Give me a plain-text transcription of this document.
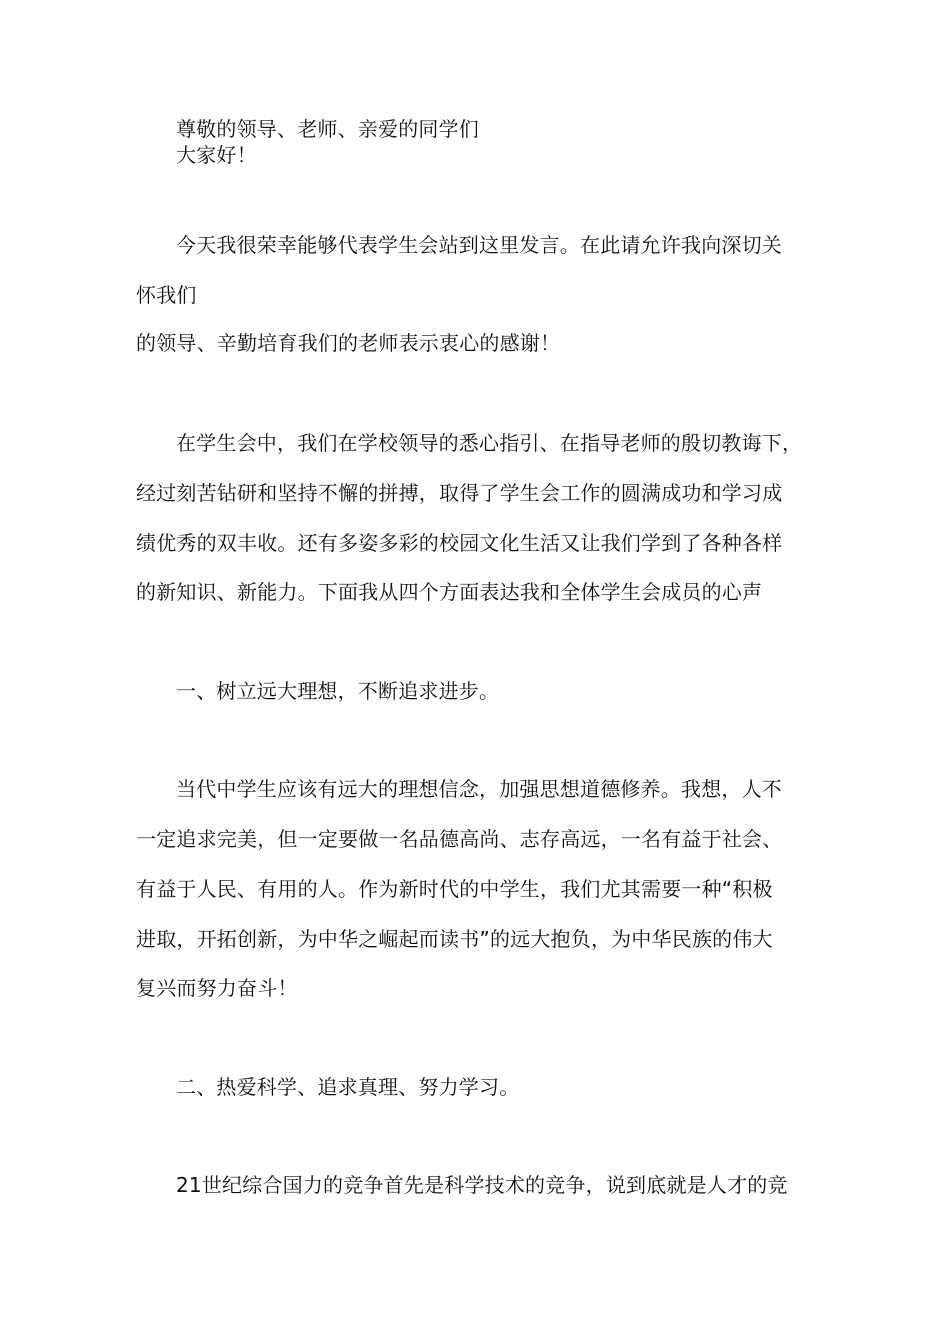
尊敬的领导、老师、亲爱的同学们
大家好！
今天我很荣幸能够代表学生会站到这里发言。在此请允许我向深切关
怀我们
的领导、辛勤培育我们的老师表示衷心的感谢！
在学生会中，我们在学校领导的悉心指引、在指导老师的殷切教诲下，
经过刻苦钻研和坚持不懈的拼搏，取得了学生会工作的圆满成功和学习成
绩优秀的双丰收。还有多姿多彩的校园文化生活又让我们学到了各种各样
的新知识、新能力。下面我从四个方面表达我和全体学生会成员的心声
一、树立远大理想，不断追求进步。
当代中学生应该有远大的理想信念，加强思想道德修养。我想，人不
一定追求完美，但一定要做一名品德高尚、志存高远，一名有益于社会、
有益于人民、有用的人。作为新时代的中学生，我们尤其需要一种“积极
进取，开拓创新，为中华之崛起而读书”的远大抱负，为中华民族的伟大
复兴而努力奋斗！
二、热爱科学、追求真理、努力学习。
21世纪综合国力的竞争首先是科学技术的竞争，说到底就是人才的竞
